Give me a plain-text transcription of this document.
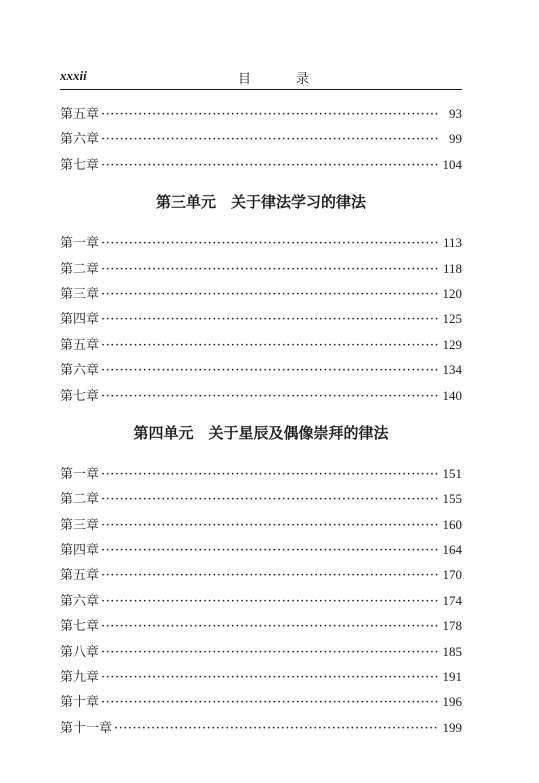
xxxii	目　录
第五章 ·····	93
第六章 ·····	99
第七章 ·····	104
第三单元　关于律法学习的律法
第一章 ·····	113
第二章 ·····	118
第三章 ·····	120
第四章 ·····	125
第五章 ·····	129
第六章 ·····	134
第七章 ·····	140
第四单元　关于星辰及偶像崇拜的律法
第一章 ·····	151
第二章 ·····	155
第三章 ·····	160
第四章 ·····	164
第五章 ·····	170
第六章 ·····	174
第七章 ·····	178
第八章 ·····	185
第九章 ·····	191
第十章 ·····	196
第十一章 ·····	199
